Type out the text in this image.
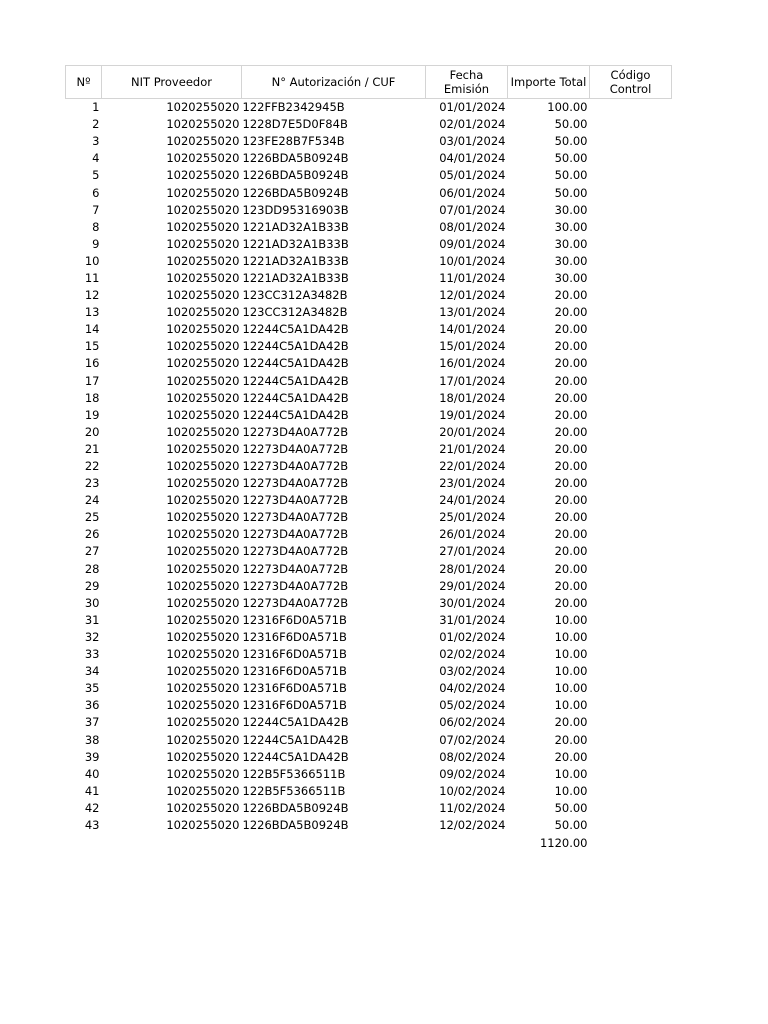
Nº	NIT Proveedor	N° Autorización / CUF	Fecha Emisión	Importe Total	Código Control
1	1020255020	122FFB2342945B	01/01/2024	100.00	
2	1020255020	1228D7E5D0F84B	02/01/2024	50.00	
3	1020255020	123FE28B7F534B	03/01/2024	50.00	
4	1020255020	1226BDA5B0924B	04/01/2024	50.00	
5	1020255020	1226BDA5B0924B	05/01/2024	50.00	
6	1020255020	1226BDA5B0924B	06/01/2024	50.00	
7	1020255020	123DD95316903B	07/01/2024	30.00	
8	1020255020	1221AD32A1B33B	08/01/2024	30.00	
9	1020255020	1221AD32A1B33B	09/01/2024	30.00	
10	1020255020	1221AD32A1B33B	10/01/2024	30.00	
11	1020255020	1221AD32A1B33B	11/01/2024	30.00	
12	1020255020	123CC312A3482B	12/01/2024	20.00	
13	1020255020	123CC312A3482B	13/01/2024	20.00	
14	1020255020	12244C5A1DA42B	14/01/2024	20.00	
15	1020255020	12244C5A1DA42B	15/01/2024	20.00	
16	1020255020	12244C5A1DA42B	16/01/2024	20.00	
17	1020255020	12244C5A1DA42B	17/01/2024	20.00	
18	1020255020	12244C5A1DA42B	18/01/2024	20.00	
19	1020255020	12244C5A1DA42B	19/01/2024	20.00	
20	1020255020	12273D4A0A772B	20/01/2024	20.00	
21	1020255020	12273D4A0A772B	21/01/2024	20.00	
22	1020255020	12273D4A0A772B	22/01/2024	20.00	
23	1020255020	12273D4A0A772B	23/01/2024	20.00	
24	1020255020	12273D4A0A772B	24/01/2024	20.00	
25	1020255020	12273D4A0A772B	25/01/2024	20.00	
26	1020255020	12273D4A0A772B	26/01/2024	20.00	
27	1020255020	12273D4A0A772B	27/01/2024	20.00	
28	1020255020	12273D4A0A772B	28/01/2024	20.00	
29	1020255020	12273D4A0A772B	29/01/2024	20.00	
30	1020255020	12273D4A0A772B	30/01/2024	20.00	
31	1020255020	12316F6D0A571B	31/01/2024	10.00	
32	1020255020	12316F6D0A571B	01/02/2024	10.00	
33	1020255020	12316F6D0A571B	02/02/2024	10.00	
34	1020255020	12316F6D0A571B	03/02/2024	10.00	
35	1020255020	12316F6D0A571B	04/02/2024	10.00	
36	1020255020	12316F6D0A571B	05/02/2024	10.00	
37	1020255020	12244C5A1DA42B	06/02/2024	20.00	
38	1020255020	12244C5A1DA42B	07/02/2024	20.00	
39	1020255020	12244C5A1DA42B	08/02/2024	20.00	
40	1020255020	122B5F5366511B	09/02/2024	10.00	
41	1020255020	122B5F5366511B	10/02/2024	10.00	
42	1020255020	1226BDA5B0924B	11/02/2024	50.00	
43	1020255020	1226BDA5B0924B	12/02/2024	50.00	
				1120.00	
